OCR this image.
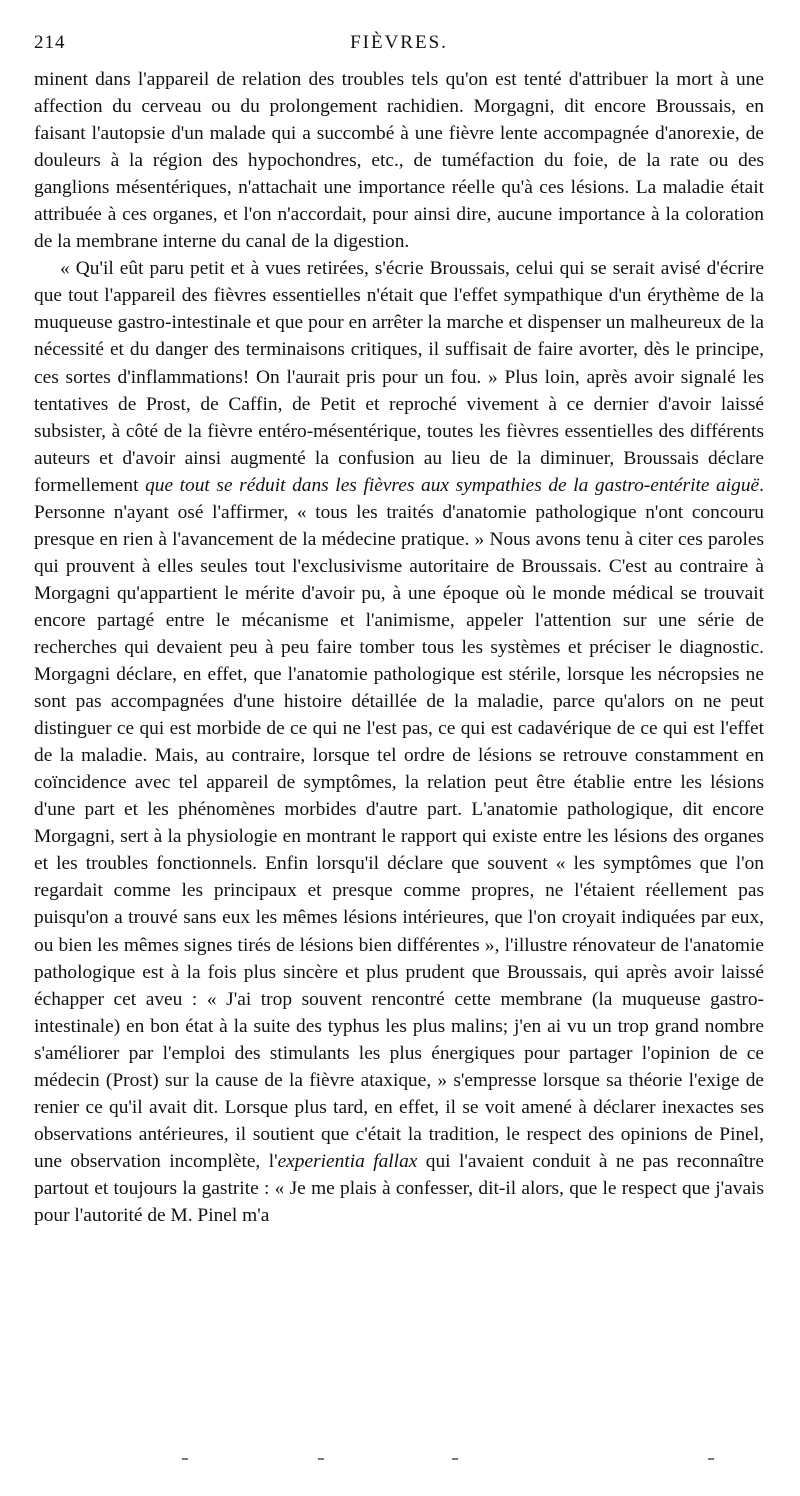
214	FIÈVRES.

minent dans l'appareil de relation des troubles tels qu'on est tenté d'attribuer la mort à une affection du cerveau ou du prolongement rachidien. Morgagni, dit encore Broussais, en faisant l'autopsie d'un malade qui a succombé à une fièvre lente accompagnée d'anorexie, de douleurs à la région des hypochondres, etc., de tuméfaction du foie, de la rate ou des ganglions mésentériques, n'attachait une importance réelle qu'à ces lésions. La maladie était attribuée à ces organes, et l'on n'accordait, pour ainsi dire, aucune importance à la coloration de la membrane interne du canal de la digestion.

« Qu'il eût paru petit et à vues retirées, s'écrie Broussais, celui qui se serait avisé d'écrire que tout l'appareil des fièvres essentielles n'était que l'effet sympathique d'un érythème de la muqueuse gastro-intestinale et que pour en arrêter la marche et dispenser un malheureux de la nécessité et du danger des terminaisons critiques, il suffisait de faire avorter, dès le principe, ces sortes d'inflammations! On l'aurait pris pour un fou. » Plus loin, après avoir signalé les tentatives de Prost, de Caffin, de Petit et reproché vivement à ce dernier d'avoir laissé subsister, à côté de la fièvre entéro-mésentérique, toutes les fièvres essentielles des différents auteurs et d'avoir ainsi augmenté la confusion au lieu de la diminuer, Broussais déclare formellement que tout se réduit dans les fièvres aux sympathies de la gastro-entérite aiguë. Personne n'ayant osé l'affirmer, « tous les traités d'anatomie pathologique n'ont concouru presque en rien à l'avancement de la médecine pratique. » Nous avons tenu à citer ces paroles qui prouvent à elles seules tout l'exclusivisme autoritaire de Broussais. C'est au contraire à Morgagni qu'appartient le mérite d'avoir pu, à une époque où le monde médical se trouvait encore partagé entre le mécanisme et l'animisme, appeler l'attention sur une série de recherches qui devaient peu à peu faire tomber tous les systèmes et préciser le diagnostic. Morgagni déclare, en effet, que l'anatomie pathologique est stérile, lorsque les nécropsies ne sont pas accompagnées d'une histoire détaillée de la maladie, parce qu'alors on ne peut distinguer ce qui est morbide de ce qui ne l'est pas, ce qui est cadavérique de ce qui est l'effet de la maladie. Mais, au contraire, lorsque tel ordre de lésions se retrouve constamment en coïncidence avec tel appareil de symptômes, la relation peut être établie entre les lésions d'une part et les phénomènes morbides d'autre part. L'anatomie pathologique, dit encore Morgagni, sert à la physiologie en montrant le rapport qui existe entre les lésions des organes et les troubles fonctionnels. Enfin lorsqu'il déclare que souvent « les symptômes que l'on regardait comme les principaux et presque comme propres, ne l'étaient réellement pas puisqu'on a trouvé sans eux les mêmes lésions intérieures, que l'on croyait indiquées par eux, ou bien les mêmes signes tirés de lésions bien différentes », l'illustre rénovateur de l'anatomie pathologique est à la fois plus sincère et plus prudent que Broussais, qui après avoir laissé échapper cet aveu : « J'ai trop souvent rencontré cette membrane (la muqueuse gastro-intestinale) en bon état à la suite des typhus les plus malins; j'en ai vu un trop grand nombre s'améliorer par l'emploi des stimulants les plus énergiques pour partager l'opinion de ce médecin (Prost) sur la cause de la fièvre ataxique, » s'empresse lorsque sa théorie l'exige de renier ce qu'il avait dit. Lorsque plus tard, en effet, il se voit amené à déclarer inexactes ses observations antérieures, il soutient que c'était la tradition, le respect des opinions de Pinel, une observation incomplète, l'experientia fallax qui l'avaient conduit à ne pas reconnaître partout et toujours la gastrite : « Je me plais à confesser, dit-il alors, que le respect que j'avais pour l'autorité de M. Pinel m'a
